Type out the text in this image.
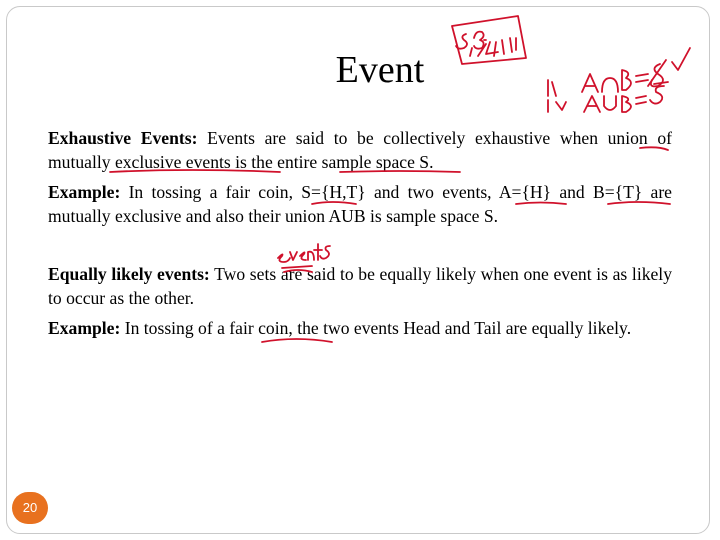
Event
Exhaustive Events: Events are said to be collectively exhaustive when union of mutually exclusive events is the entire sample space S.
Example: In tossing a fair coin, S={H,T} and two events, A={H} and B={T} are mutually exclusive and also their union AUB is sample space S.
Equally likely events: Two sets are said to be equally likely when one event is as likely to occur as the other.
Example: In tossing of a fair coin, the two events Head and Tail are equally likely.
20
